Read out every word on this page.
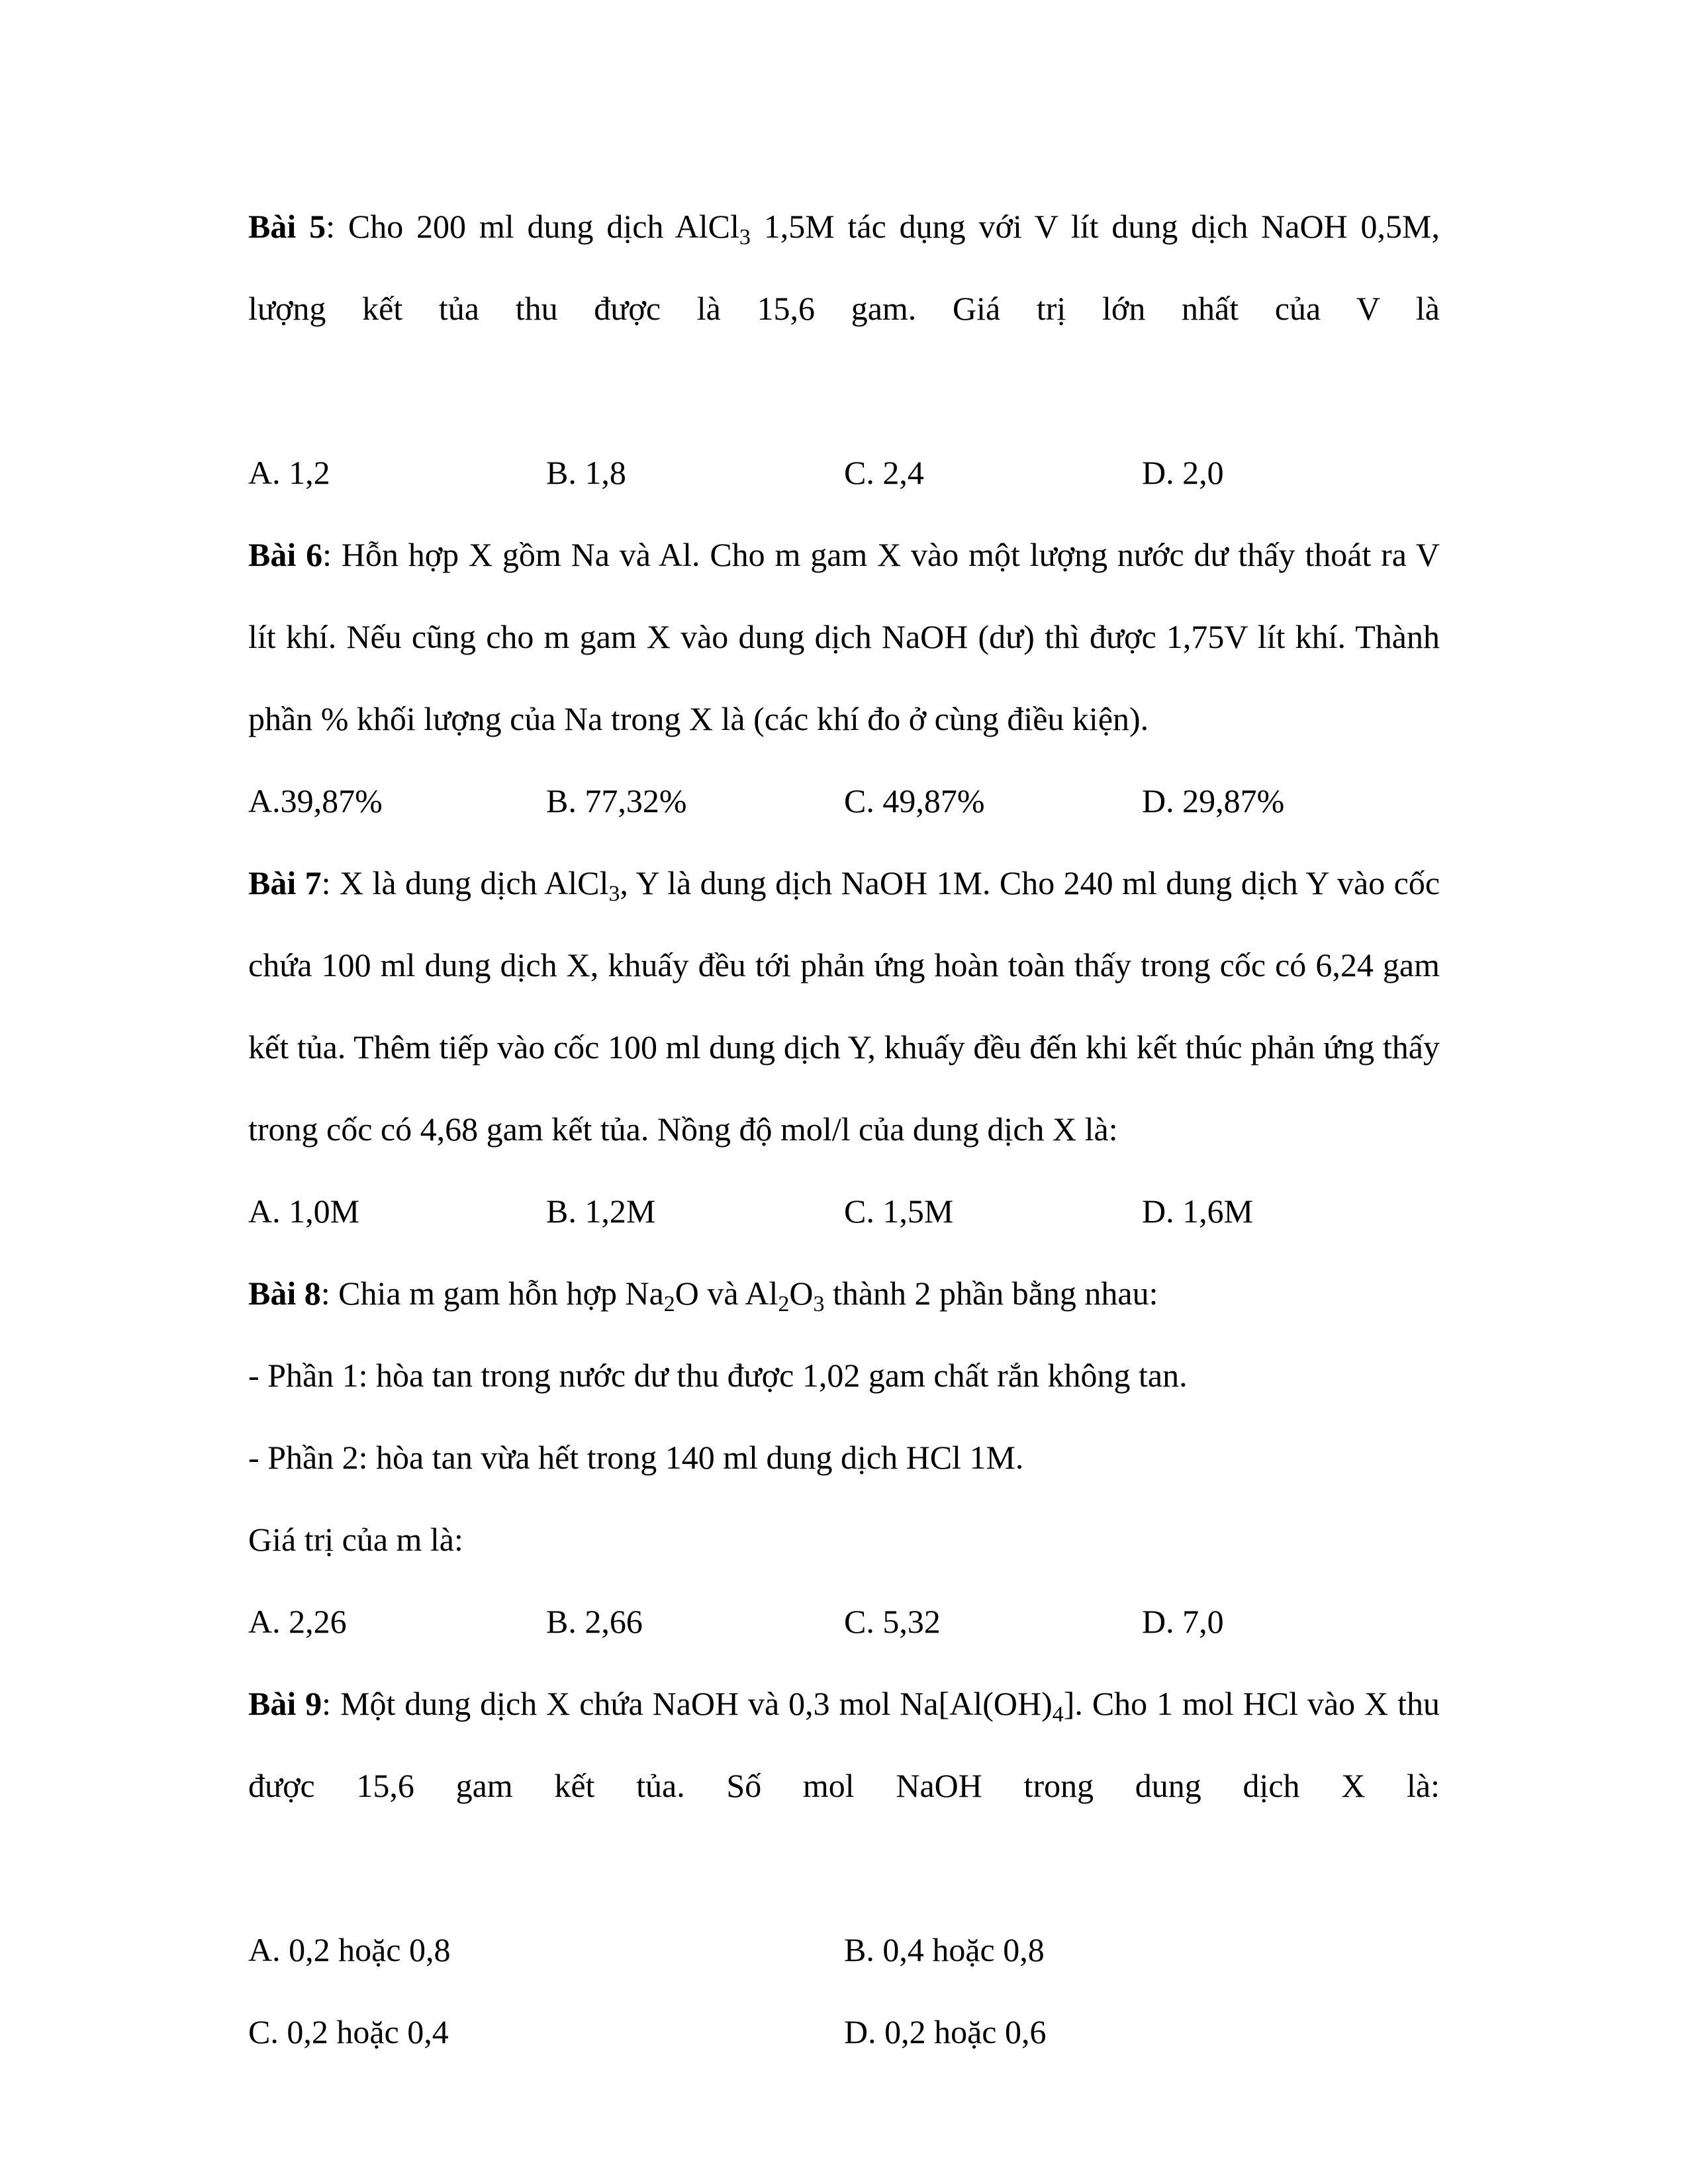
Bài 5: Cho 200 ml dung dịch AlCl$_3$ 1,5M tác dụng với V lít dung dịch NaOH 0,5M, lượng kết tủa thu được là 15,6 gam. Giá trị lớn nhất của V là
A. 1,2	B. 1,8	C. 2,4	D. 2,0
Bài 6: Hỗn hợp X gồm Na và Al. Cho m gam X vào một lượng nước dư thấy thoát ra V lít khí. Nếu cũng cho m gam X vào dung dịch NaOH (dư) thì được 1,75V lít khí. Thành phần % khối lượng của Na trong X là (các khí đo ở cùng điều kiện).
A.39,87%	B. 77,32%	C. 49,87%	D. 29,87%
Bài 7: X là dung dịch AlCl$_3$, Y là dung dịch NaOH 1M. Cho 240 ml dung dịch Y vào cốc chứa 100 ml dung dịch X, khuấy đều tới phản ứng hoàn toàn thấy trong cốc có 6,24 gam kết tủa. Thêm tiếp vào cốc 100 ml dung dịch Y, khuấy đều đến khi kết thúc phản ứng thấy trong cốc có 4,68 gam kết tủa. Nồng độ mol/l của dung dịch X là:
A. 1,0M	B. 1,2M	C. 1,5M	D. 1,6M
Bài 8: Chia m gam hỗn hợp $Na_2O$ và $Al_2O_3$ thành 2 phần bằng nhau:
- Phần 1: hòa tan trong nước dư thu được 1,02 gam chất rắn không tan.
- Phần 2: hòa tan vừa hết trong 140 ml dung dịch HCl 1M.
Giá trị của m là:
A. 2,26	B. 2,66	C. 5,32	D. 7,0
Bài 9: Một dung dịch X chứa NaOH và 0,3 mol $Na[Al(OH)_4]$. Cho 1 mol HCl vào X thu được 15,6 gam kết tủa. Số mol NaOH trong dung dịch X là:
A. 0,2 hoặc 0,8	B. 0,4 hoặc 0,8
C. 0,2 hoặc 0,4	D. 0,2 hoặc 0,6
